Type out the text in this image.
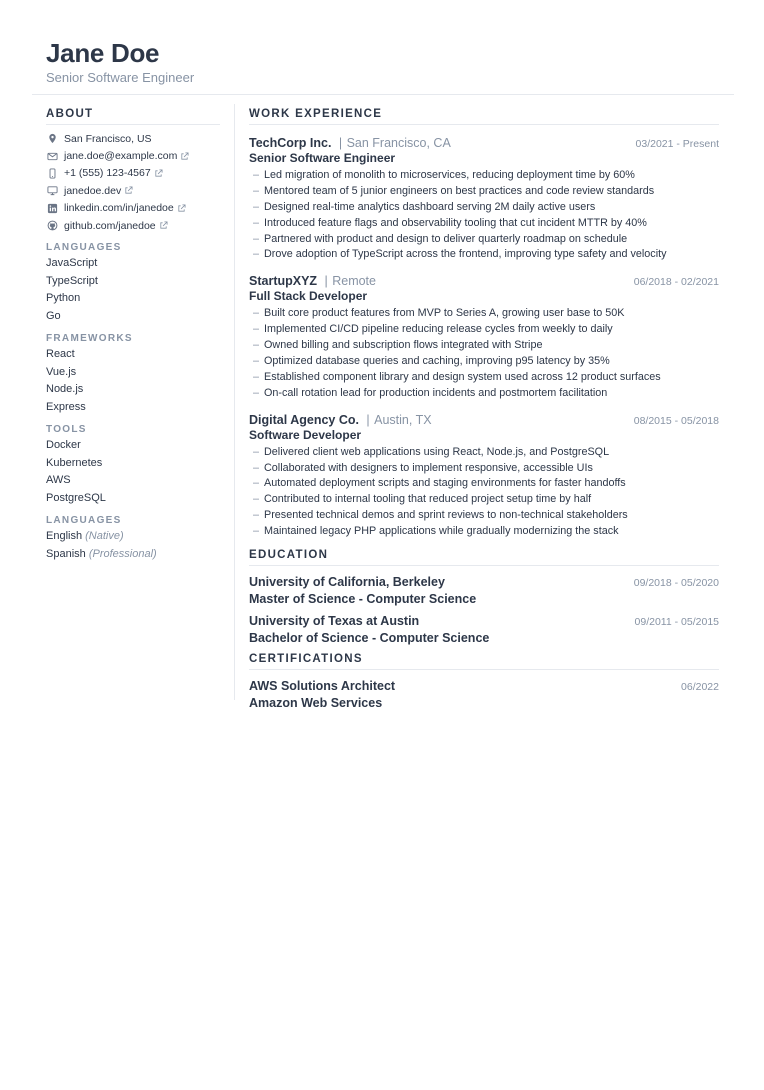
Jane Doe
Senior Software Engineer
ABOUT
San Francisco, US
jane.doe@example.com
+1 (555) 123-4567
janedoe.dev
linkedin.com/in/janedoe
github.com/janedoe
LANGUAGES
JavaScript
TypeScript
Python
Go
FRAMEWORKS
React
Vue.js
Node.js
Express
TOOLS
Docker
Kubernetes
AWS
PostgreSQL
LANGUAGES
English (Native)
Spanish (Professional)
WORK EXPERIENCE
TechCorp Inc. | San Francisco, CA	03/2021 - Present
Senior Software Engineer
– Led migration of monolith to microservices, reducing deployment time by 60%
– Mentored team of 5 junior engineers on best practices and code review standards
– Designed real-time analytics dashboard serving 2M daily active users
– Introduced feature flags and observability tooling that cut incident MTTR by 40%
– Partnered with product and design to deliver quarterly roadmap on schedule
– Drove adoption of TypeScript across the frontend, improving type safety and velocity
StartupXYZ | Remote	06/2018 - 02/2021
Full Stack Developer
– Built core product features from MVP to Series A, growing user base to 50K
– Implemented CI/CD pipeline reducing release cycles from weekly to daily
– Owned billing and subscription flows integrated with Stripe
– Optimized database queries and caching, improving p95 latency by 35%
– Established component library and design system used across 12 product surfaces
– On-call rotation lead for production incidents and postmortem facilitation
Digital Agency Co. | Austin, TX	08/2015 - 05/2018
Software Developer
– Delivered client web applications using React, Node.js, and PostgreSQL
– Collaborated with designers to implement responsive, accessible UIs
– Automated deployment scripts and staging environments for faster handoffs
– Contributed to internal tooling that reduced project setup time by half
– Presented technical demos and sprint reviews to non-technical stakeholders
– Maintained legacy PHP applications while gradually modernizing the stack
EDUCATION
University of California, Berkeley	09/2018 - 05/2020
Master of Science - Computer Science
University of Texas at Austin	09/2011 - 05/2015
Bachelor of Science - Computer Science
CERTIFICATIONS
AWS Solutions Architect	06/2022
Amazon Web Services
